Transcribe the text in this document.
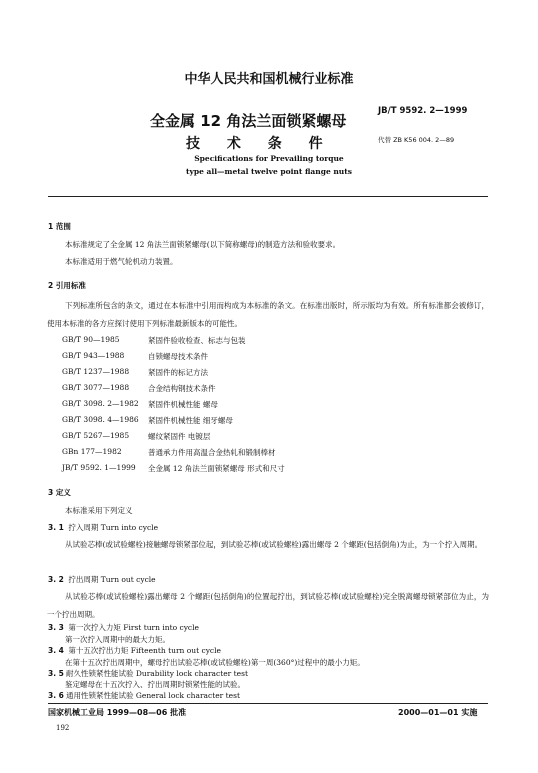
中华人民共和国机械行业标准
全金属 12 角法兰面锁紧螺母
技 术 条 件
JB/T 9592. 2—1999
代替 ZB K56 004. 2—89
Specifications for Prevailing torque
type all—metal twelve point flange nuts
1 范围
本标准规定了全金属 12 角法兰面锁紧螺母(以下简称螺母)的制造方法和验收要求。
本标准适用于燃气轮机动力装置。
2 引用标准
下列标准所包含的条文，通过在本标准中引用而构成为本标准的条文。在标准出版时，所示版均为有效。所有标准都会被修订，使用本标准的各方应探讨使用下列标准最新版本的可能性。
GB/T 90—1985	紧固件验收检查、标志与包装
GB/T 943—1988	自锁螺母技术条件
GB/T 1237—1988	紧固件的标记方法
GB/T 3077—1988	合金结构钢技术条件
GB/T 3098. 2—1982 紧固件机械性能 螺母
GB/T 3098. 4—1986 紧固件机械性能 细牙螺母
GB/T 5267—1985	螺纹紧固件 电镀层
GBn 177—1982	普通承力件用高温合金热轧和锻制棒材
JB/T 9592. 1—1999 全金属 12 角法兰面锁紧螺母 形式和尺寸
3 定义
本标准采用下列定义
3. 1 拧入周期 Turn into cycle
从试验芯棒(或试验螺栓)接触螺母锁紧部位起，到试验芯棒(或试验螺栓)露出螺母 2 个螺距(包括倒角)为止，为一个拧入周期。
3. 2 拧出周期 Turn out cycle
从试验芯棒(或试验螺栓)露出螺母 2 个螺距(包括倒角)的位置起拧出，到试验芯棒(或试验螺栓)完全脱离螺母锁紧部位为止，为一个拧出周期。
3. 3 第一次拧入力矩 First turn into cycle
第一次拧入周期中的最大力矩。
3. 4 第十五次拧出力矩 Fifteenth turn out cycle
在第十五次拧出周期中，螺母拧出试验芯棒(或试验螺栓)第一周(360°)过程中的最小力矩。
国家机械工业局 1999—08—06 批准	2000—01—01 实施
192
3. 5 耐久性锁紧性能试验 Durability lock character test
鉴定螺母在十五次拧入、拧出周期时锁紧性能的试验。
3. 6 通用性锁紧性能试验 General lock character test
